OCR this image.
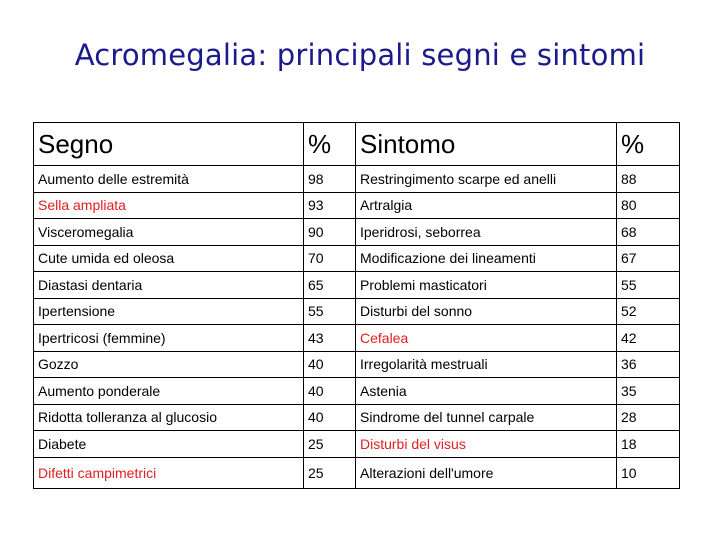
Acromegalia: principali segni e sintomi
Segno	%	Sintomo	%
Aumento delle estremità	98	Restringimento scarpe ed anelli	88
Sella ampliata	93	Artralgia	80
Visceromegalia	90	Iperidrosi, seborrea	68
Cute umida ed oleosa	70	Modificazione dei lineamenti	67
Diastasi dentaria	65	Problemi masticatori	55
Ipertensione	55	Disturbi del sonno	52
Ipertricosi (femmine)	43	Cefalea	42
Gozzo	40	Irregolarità mestruali	36
Aumento ponderale	40	Astenia	35
Ridotta tolleranza al glucosio	40	Sindrome del tunnel carpale	28
Diabete	25	Disturbi del visus	18
Difetti campimetrici	25	Alterazioni dell'umore	10
